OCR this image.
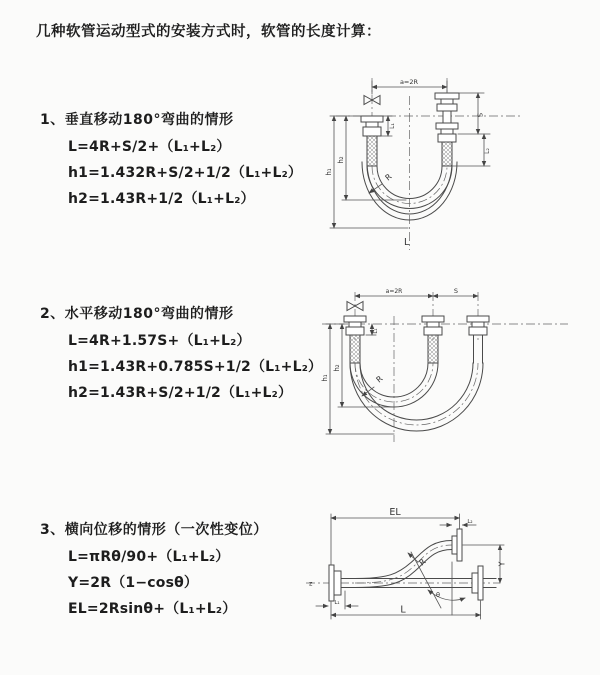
几种软管运动型式的安装方式时，软管的长度计算：
1、垂直移动180°弯曲的情形
L=4R+S/2+（L₁+L₂）
h1=1.432R+S/2+1/2（L₁+L₂）
h2=1.43R+1/2（L₁+L₂）
a=2R
h₁
h₂
L₁
S
L₂
R
L
2、水平移动180°弯曲的情形
L=4R+1.57S+（L₁+L₂）
h1=1.43R+0.785S+1/2（L₁+L₂）
h2=1.43R+S/2+1/2（L₁+L₂）
a=2R	S
h₁
h₂
L₁
R
3、横向位移的情形（一次性变位）
L=πRθ/90+（L₁+L₂）
Y=2R（1−cosθ）
EL=2Rsinθ+（L₁+L₂）
z
EL
L₂
Y
L
L₁
R
θ
